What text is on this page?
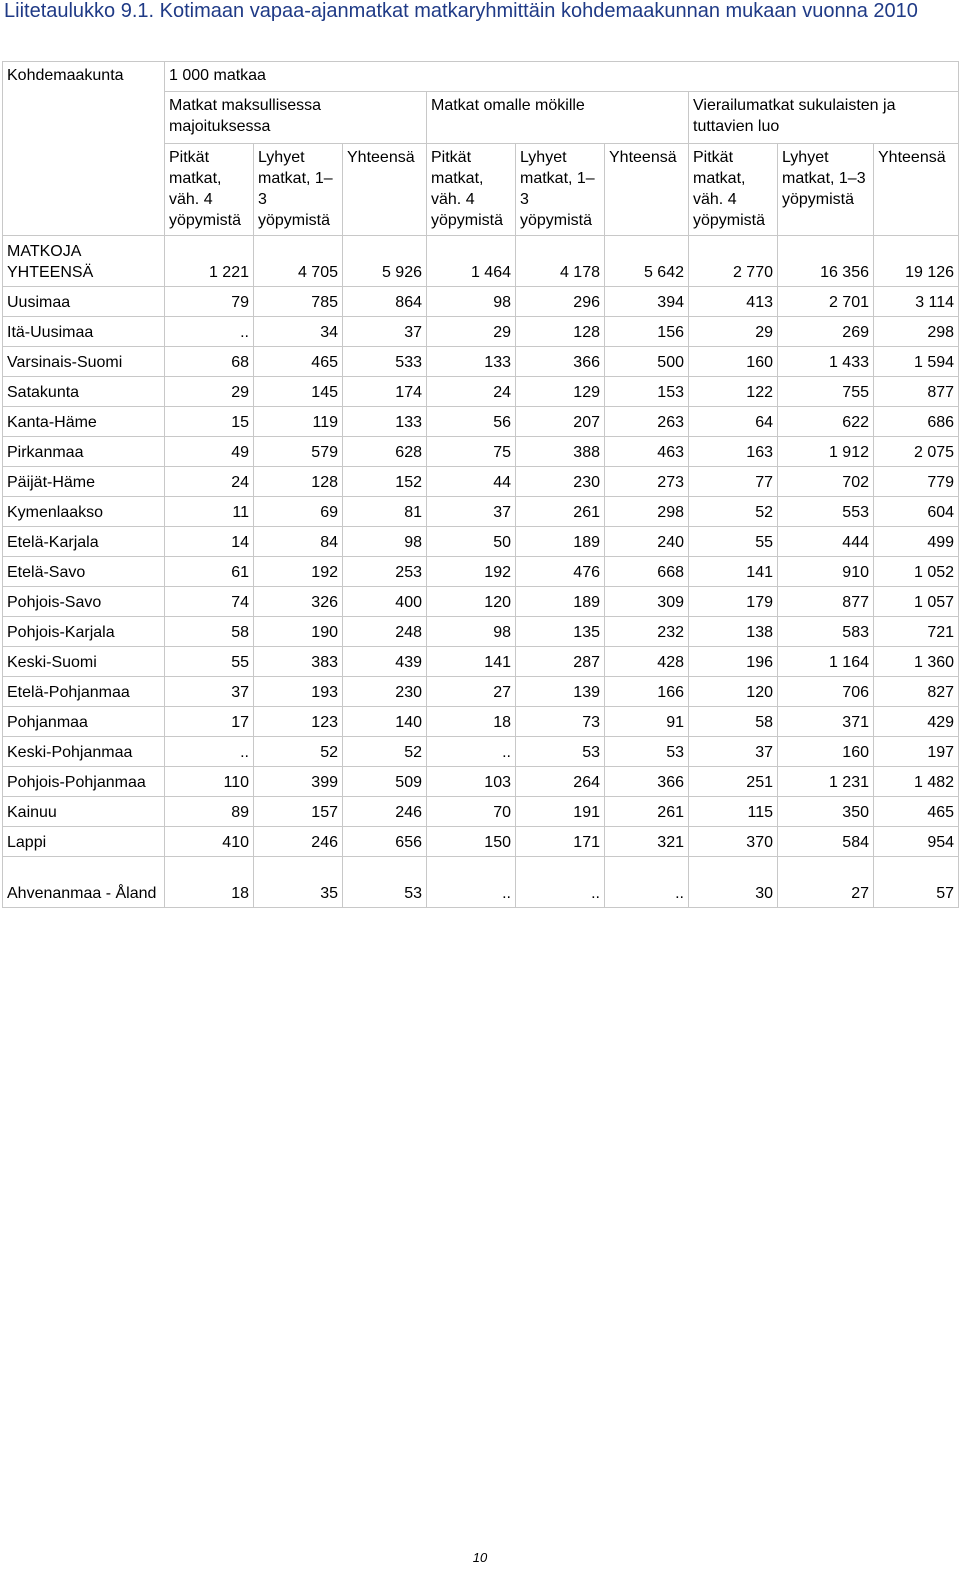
Liitetaulukko 9.1. Kotimaan vapaa-ajanmatkat matkaryhmittäin kohdemaakunnan mukaan vuonna 2010
Kohdemaakunta	1 000 matkaa								
	Matkat maksullisessa majoituksessa			Matkat omalle mökille			Vierailumatkat sukulaisten ja tuttavien luo		
	Pitkät matkat, väh. 4 yöpymistä	Lyhyet matkat, 1–3 yöpymistä	Yhteensä	Pitkät matkat, väh. 4 yöpymistä	Lyhyet matkat, 1–3 yöpymistä	Yhteensä	Pitkät matkat, väh. 4 yöpymistä	Lyhyet matkat, 1–3 yöpymistä	Yhteensä
MATKOJA YHTEENSÄ	1 221	4 705	5 926	1 464	4 178	5 642	2 770	16 356	19 126
Uusimaa	79	785	864	98	296	394	413	2 701	3 114
Itä-Uusimaa	..	34	37	29	128	156	29	269	298
Varsinais-Suomi	68	465	533	133	366	500	160	1 433	1 594
Satakunta	29	145	174	24	129	153	122	755	877
Kanta-Häme	15	119	133	56	207	263	64	622	686
Pirkanmaa	49	579	628	75	388	463	163	1 912	2 075
Päijät-Häme	24	128	152	44	230	273	77	702	779
Kymenlaakso	11	69	81	37	261	298	52	553	604
Etelä-Karjala	14	84	98	50	189	240	55	444	499
Etelä-Savo	61	192	253	192	476	668	141	910	1 052
Pohjois-Savo	74	326	400	120	189	309	179	877	1 057
Pohjois-Karjala	58	190	248	98	135	232	138	583	721
Keski-Suomi	55	383	439	141	287	428	196	1 164	1 360
Etelä-Pohjanmaa	37	193	230	27	139	166	120	706	827
Pohjanmaa	17	123	140	18	73	91	58	371	429
Keski-Pohjanmaa	..	52	52	..	53	53	37	160	197
Pohjois-Pohjanmaa	110	399	509	103	264	366	251	1 231	1 482
Kainuu	89	157	246	70	191	261	115	350	465
Lappi	410	246	656	150	171	321	370	584	954
Ahvenanmaa - Åland	18	35	53	..	..	..	30	27	57
10
